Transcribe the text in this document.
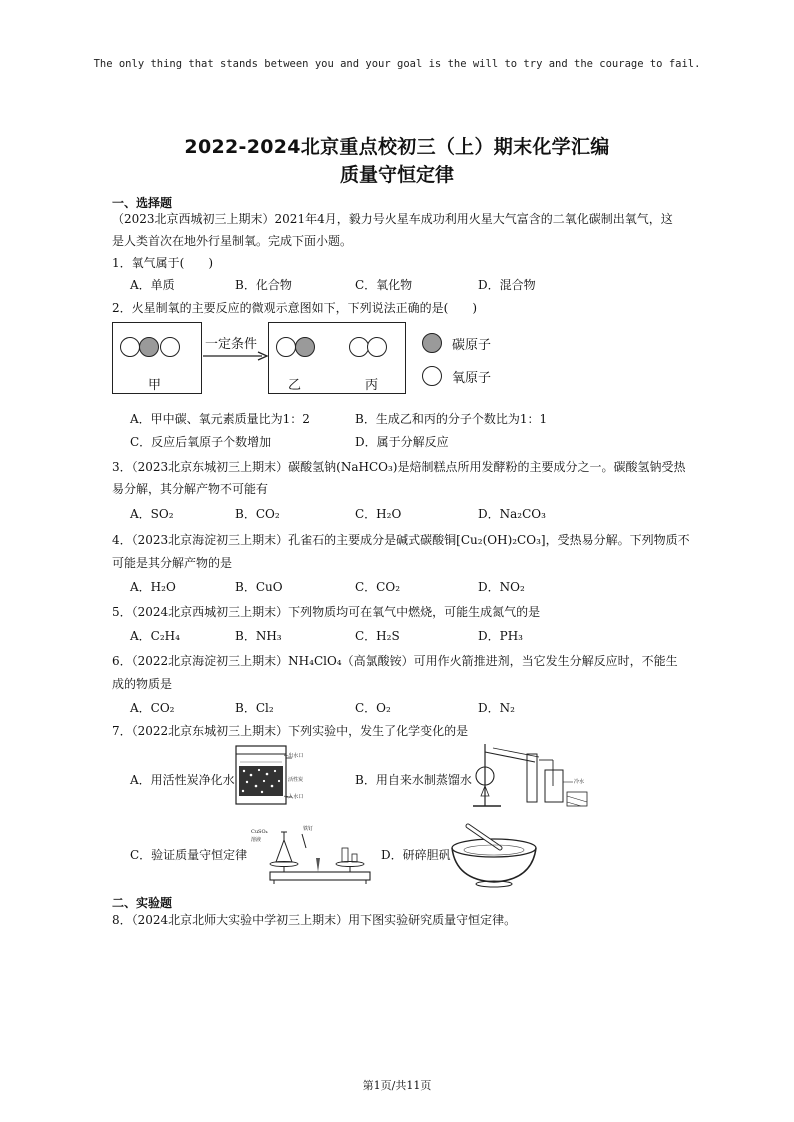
The only thing that stands between you and your goal is the will to try and the courage to fail.
2022-2024北京重点校初三（上）期末化学汇编
质量守恒定律
一、选择题
（2023北京西城初三上期末）2021年4月，毅力号火星车成功利用火星大气富含的二氧化碳制出氧气，这
是人类首次在地外行星制氧。完成下面小题。
1．氧气属于(　　)
A．单质	B．化合物	C．氧化物	D．混合物
2．火星制氧的主要反应的微观示意图如下，下列说法正确的是(　　)
甲
一定条件
乙	丙
碳原子
氧原子
A．甲中碳、氧元素质量比为1：2	B．生成乙和丙的分子个数比为1：1
C．反应后氧原子个数增加	D．属于分解反应
3．（2023北京东城初三上期末）碳酸氢钠(NaHCO₃)是焙制糕点所用发酵粉的主要成分之一。碳酸氢钠受热
易分解，其分解产物不可能有
A．SO₂	B．CO₂	C．H₂O	D．Na₂CO₃
4．（2023北京海淀初三上期末）孔雀石的主要成分是碱式碳酸铜[Cu₂(OH)₂CO₃]，受热易分解。下列物质不
可能是其分解产物的是
A．H₂O	B．CuO	C．CO₂	D．NO₂
5．（2024北京西城初三上期末）下列物质均可在氧气中燃烧，可能生成氮气的是
A．C₂H₄	B．NH₃	C．H₂S	D．PH₃
6．（2022北京海淀初三上期末）NH₄ClO₄（高氯酸铵）可用作火箭推进剂，当它发生分解反应时，不能生
成的物质是
A．CO₂	B．Cl₂	C．O₂	D．N₂
7．（2022北京东城初三上期末）下列实验中，发生了化学变化的是
A．用活性炭净化水
←出水口
活性炭
←入水口
B．用自来水制蒸馏水	冷水
C．验证质量守恒定律
CuSO₄
溶液
铁钉
D．研碎胆矾
二、实验题
8．（2024北京北师大实验中学初三上期末）用下图实验研究质量守恒定律。
第1页/共11页
